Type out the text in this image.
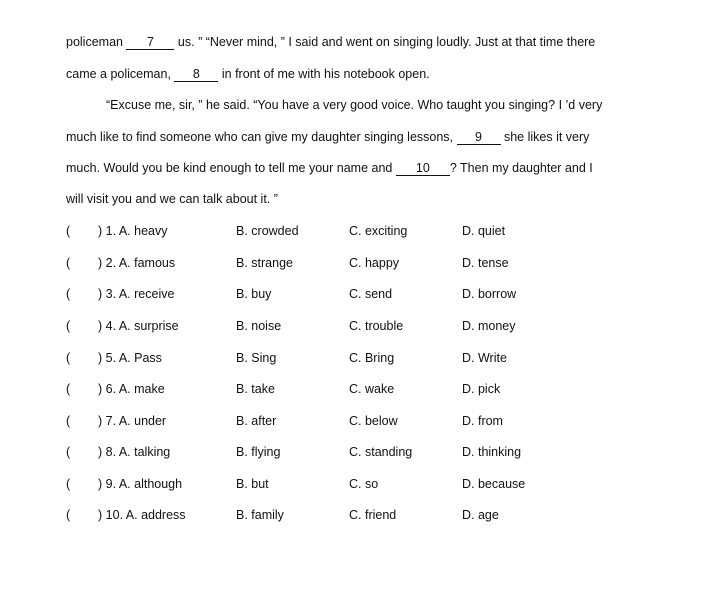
policeman 7 us. ” “Never mind, ” I said and went on singing loudly. Just at that time there
came a policeman, 8 in front of me with his notebook open.
“Excuse me, sir, ” he said. “You have a very good voice. Who taught you singing? I ’d very
much like to find someone who can give my daughter singing lessons, 9 she likes it very
much. Would you be kind enough to tell me your name and 10 ? Then my daughter and I
will visit you and we can talk about it. ”
( ) 1. A. heavy	B. crowded	C. exciting	D. quiet
( ) 2. A. famous	B. strange	C. happy	D. tense
( ) 3. A. receive	B. buy	C. send	D. borrow
( ) 4. A. surprise	B. noise	C. trouble	D. money
( ) 5. A. Pass	B. Sing	C. Bring	D. Write
( ) 6. A. make	B. take	C. wake	D. pick
( ) 7. A. under	B. after	C. below	D. from
( ) 8. A. talking	B. flying	C. standing	D. thinking
( ) 9. A. although	B. but	C. so	D. because
( ) 10. A. address	B. family	C. friend	D. age
